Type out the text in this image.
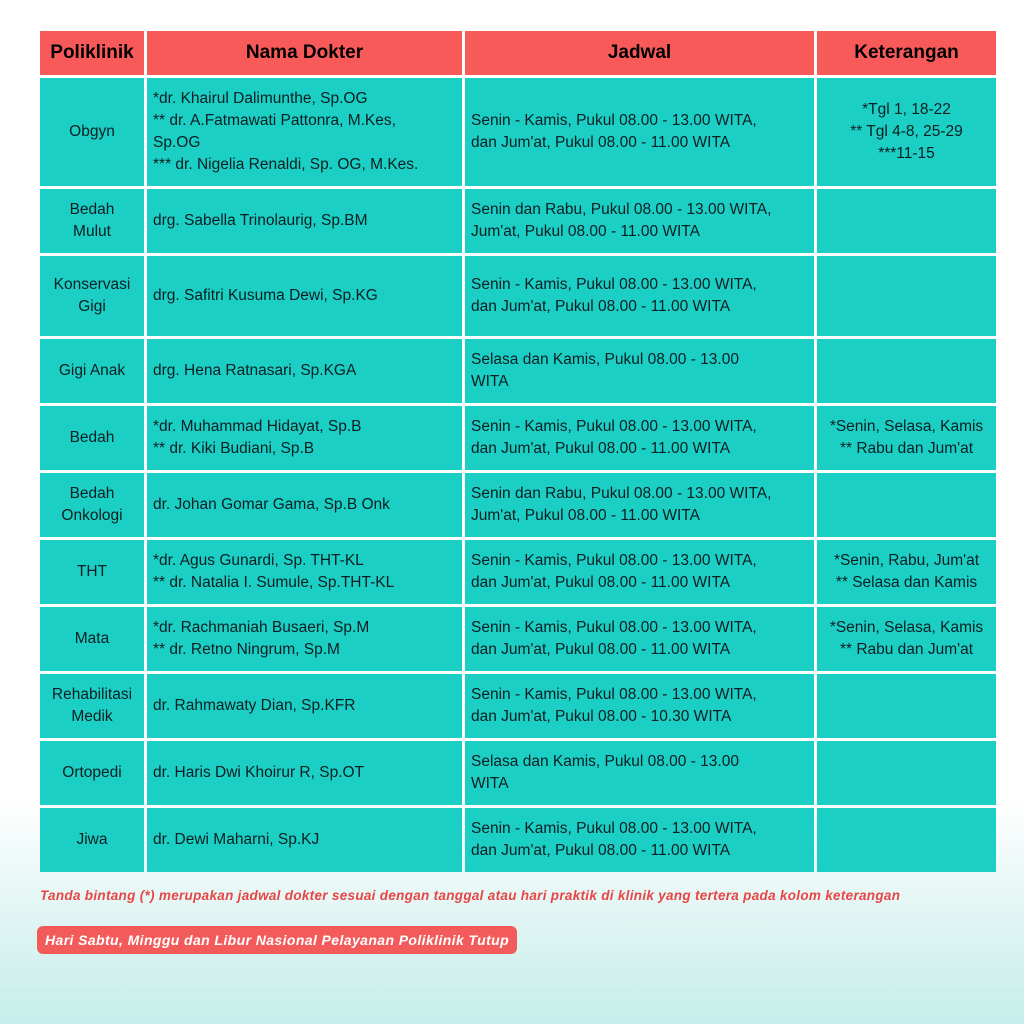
Poliklinik	Nama Dokter	Jadwal	Keterangan

Obgyn	*dr. Khairul Dalimunthe, Sp.OG
** dr. A.Fatmawati Pattonra, M.Kes,
Sp.OG
*** dr. Nigelia Renaldi, Sp. OG, M.Kes.	Senin - Kamis, Pukul 08.00 - 13.00 WITA,
dan Jum'at, Pukul 08.00 - 11.00 WITA	*Tgl 1, 18-22
** Tgl 4-8, 25-29
***11-15

Bedah
Mulut	drg. Sabella Trinolaurig, Sp.BM	Senin dan Rabu, Pukul 08.00 - 13.00 WITA,
Jum'at, Pukul 08.00 - 11.00 WITA	

Konservasi
Gigi	drg. Safitri Kusuma Dewi, Sp.KG	Senin - Kamis, Pukul 08.00 - 13.00 WITA,
dan Jum'at, Pukul 08.00 - 11.00 WITA	

Gigi Anak	drg. Hena Ratnasari, Sp.KGA	Selasa dan Kamis, Pukul 08.00 - 13.00
WITA	

Bedah	*dr. Muhammad Hidayat, Sp.B
** dr. Kiki Budiani, Sp.B	Senin - Kamis, Pukul 08.00 - 13.00 WITA,
dan Jum'at, Pukul 08.00 - 11.00 WITA	*Senin, Selasa, Kamis
** Rabu dan Jum'at

Bedah
Onkologi	dr. Johan Gomar Gama, Sp.B Onk	Senin dan Rabu, Pukul 08.00 - 13.00 WITA,
Jum'at, Pukul 08.00 - 11.00 WITA	

THT	*dr. Agus Gunardi, Sp. THT-KL
** dr. Natalia I. Sumule, Sp.THT-KL	Senin - Kamis, Pukul 08.00 - 13.00 WITA,
dan Jum'at, Pukul 08.00 - 11.00 WITA	*Senin, Rabu, Jum'at
** Selasa dan Kamis

Mata	*dr. Rachmaniah Busaeri, Sp.M
** dr. Retno Ningrum, Sp.M	Senin - Kamis, Pukul 08.00 - 13.00 WITA,
dan Jum'at, Pukul 08.00 - 11.00 WITA	*Senin, Selasa, Kamis
** Rabu dan Jum'at

Rehabilitasi
Medik	dr. Rahmawaty Dian, Sp.KFR	Senin - Kamis, Pukul 08.00 - 13.00 WITA,
dan Jum'at, Pukul 08.00 - 10.30 WITA	

Ortopedi	dr. Haris Dwi Khoirur R, Sp.OT	Selasa dan Kamis, Pukul 08.00 - 13.00
WITA	

Jiwa	dr. Dewi Maharni, Sp.KJ	Senin - Kamis, Pukul 08.00 - 13.00 WITA,
dan Jum'at, Pukul 08.00 - 11.00 WITA	

Tanda bintang (*) merupakan jadwal dokter sesuai dengan tanggal atau hari praktik di klinik yang tertera pada kolom keterangan
Hari Sabtu, Minggu dan Libur Nasional Pelayanan Poliklinik Tutup
